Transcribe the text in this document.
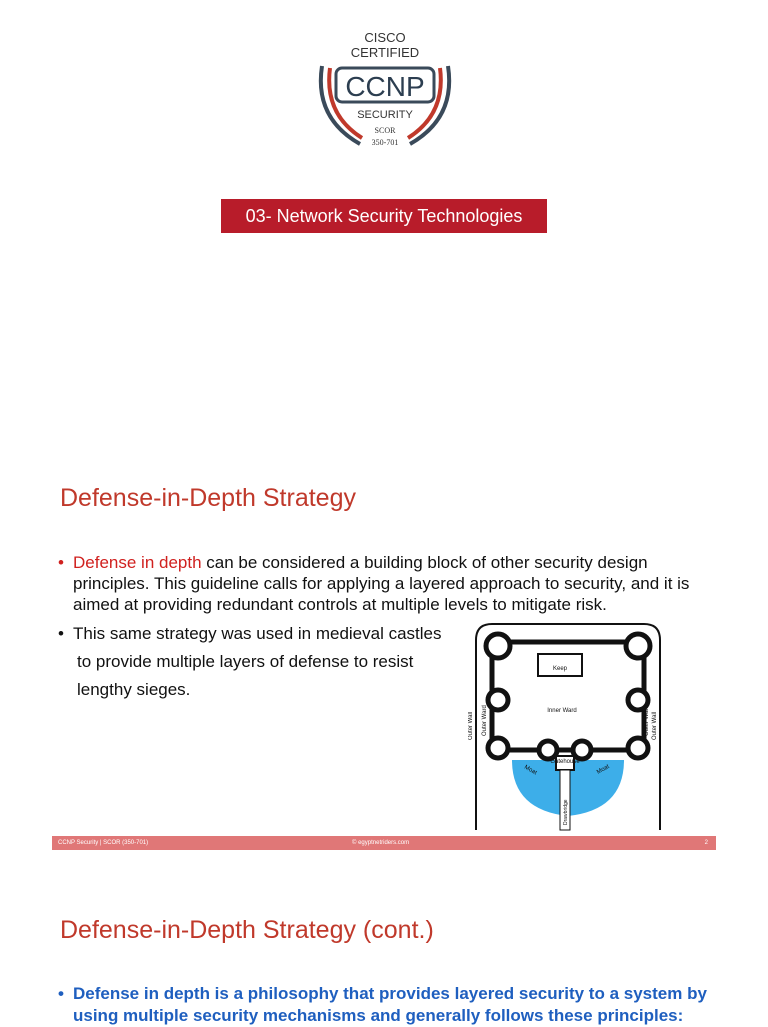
CISCO
CERTIFIED
CCNP
SECURITY
SCOR
350-701
03- Network Security Technologies
Defense-in-Depth Strategy
• Defense in depth can be considered a building block of other security design principles. This guideline calls for applying a layered approach to security, and it is aimed at providing redundant controls at multiple levels to mitigate risk.
• This same strategy was used in medieval castles
to provide multiple layers of defense to resist
lengthy sieges.
Keep
Inner Ward
Gatehouse
Outer Wall Outer Ward	Outer Wall
Outer Ward
Moat	Moat
Drawbridge
CCNP Security | SCOR (350-701)	© egyptnetriders.com	2
Defense-in-Depth Strategy (cont.)
• Defense in depth is a philosophy that provides layered security to a system by using multiple security mechanisms and generally follows these principles:
